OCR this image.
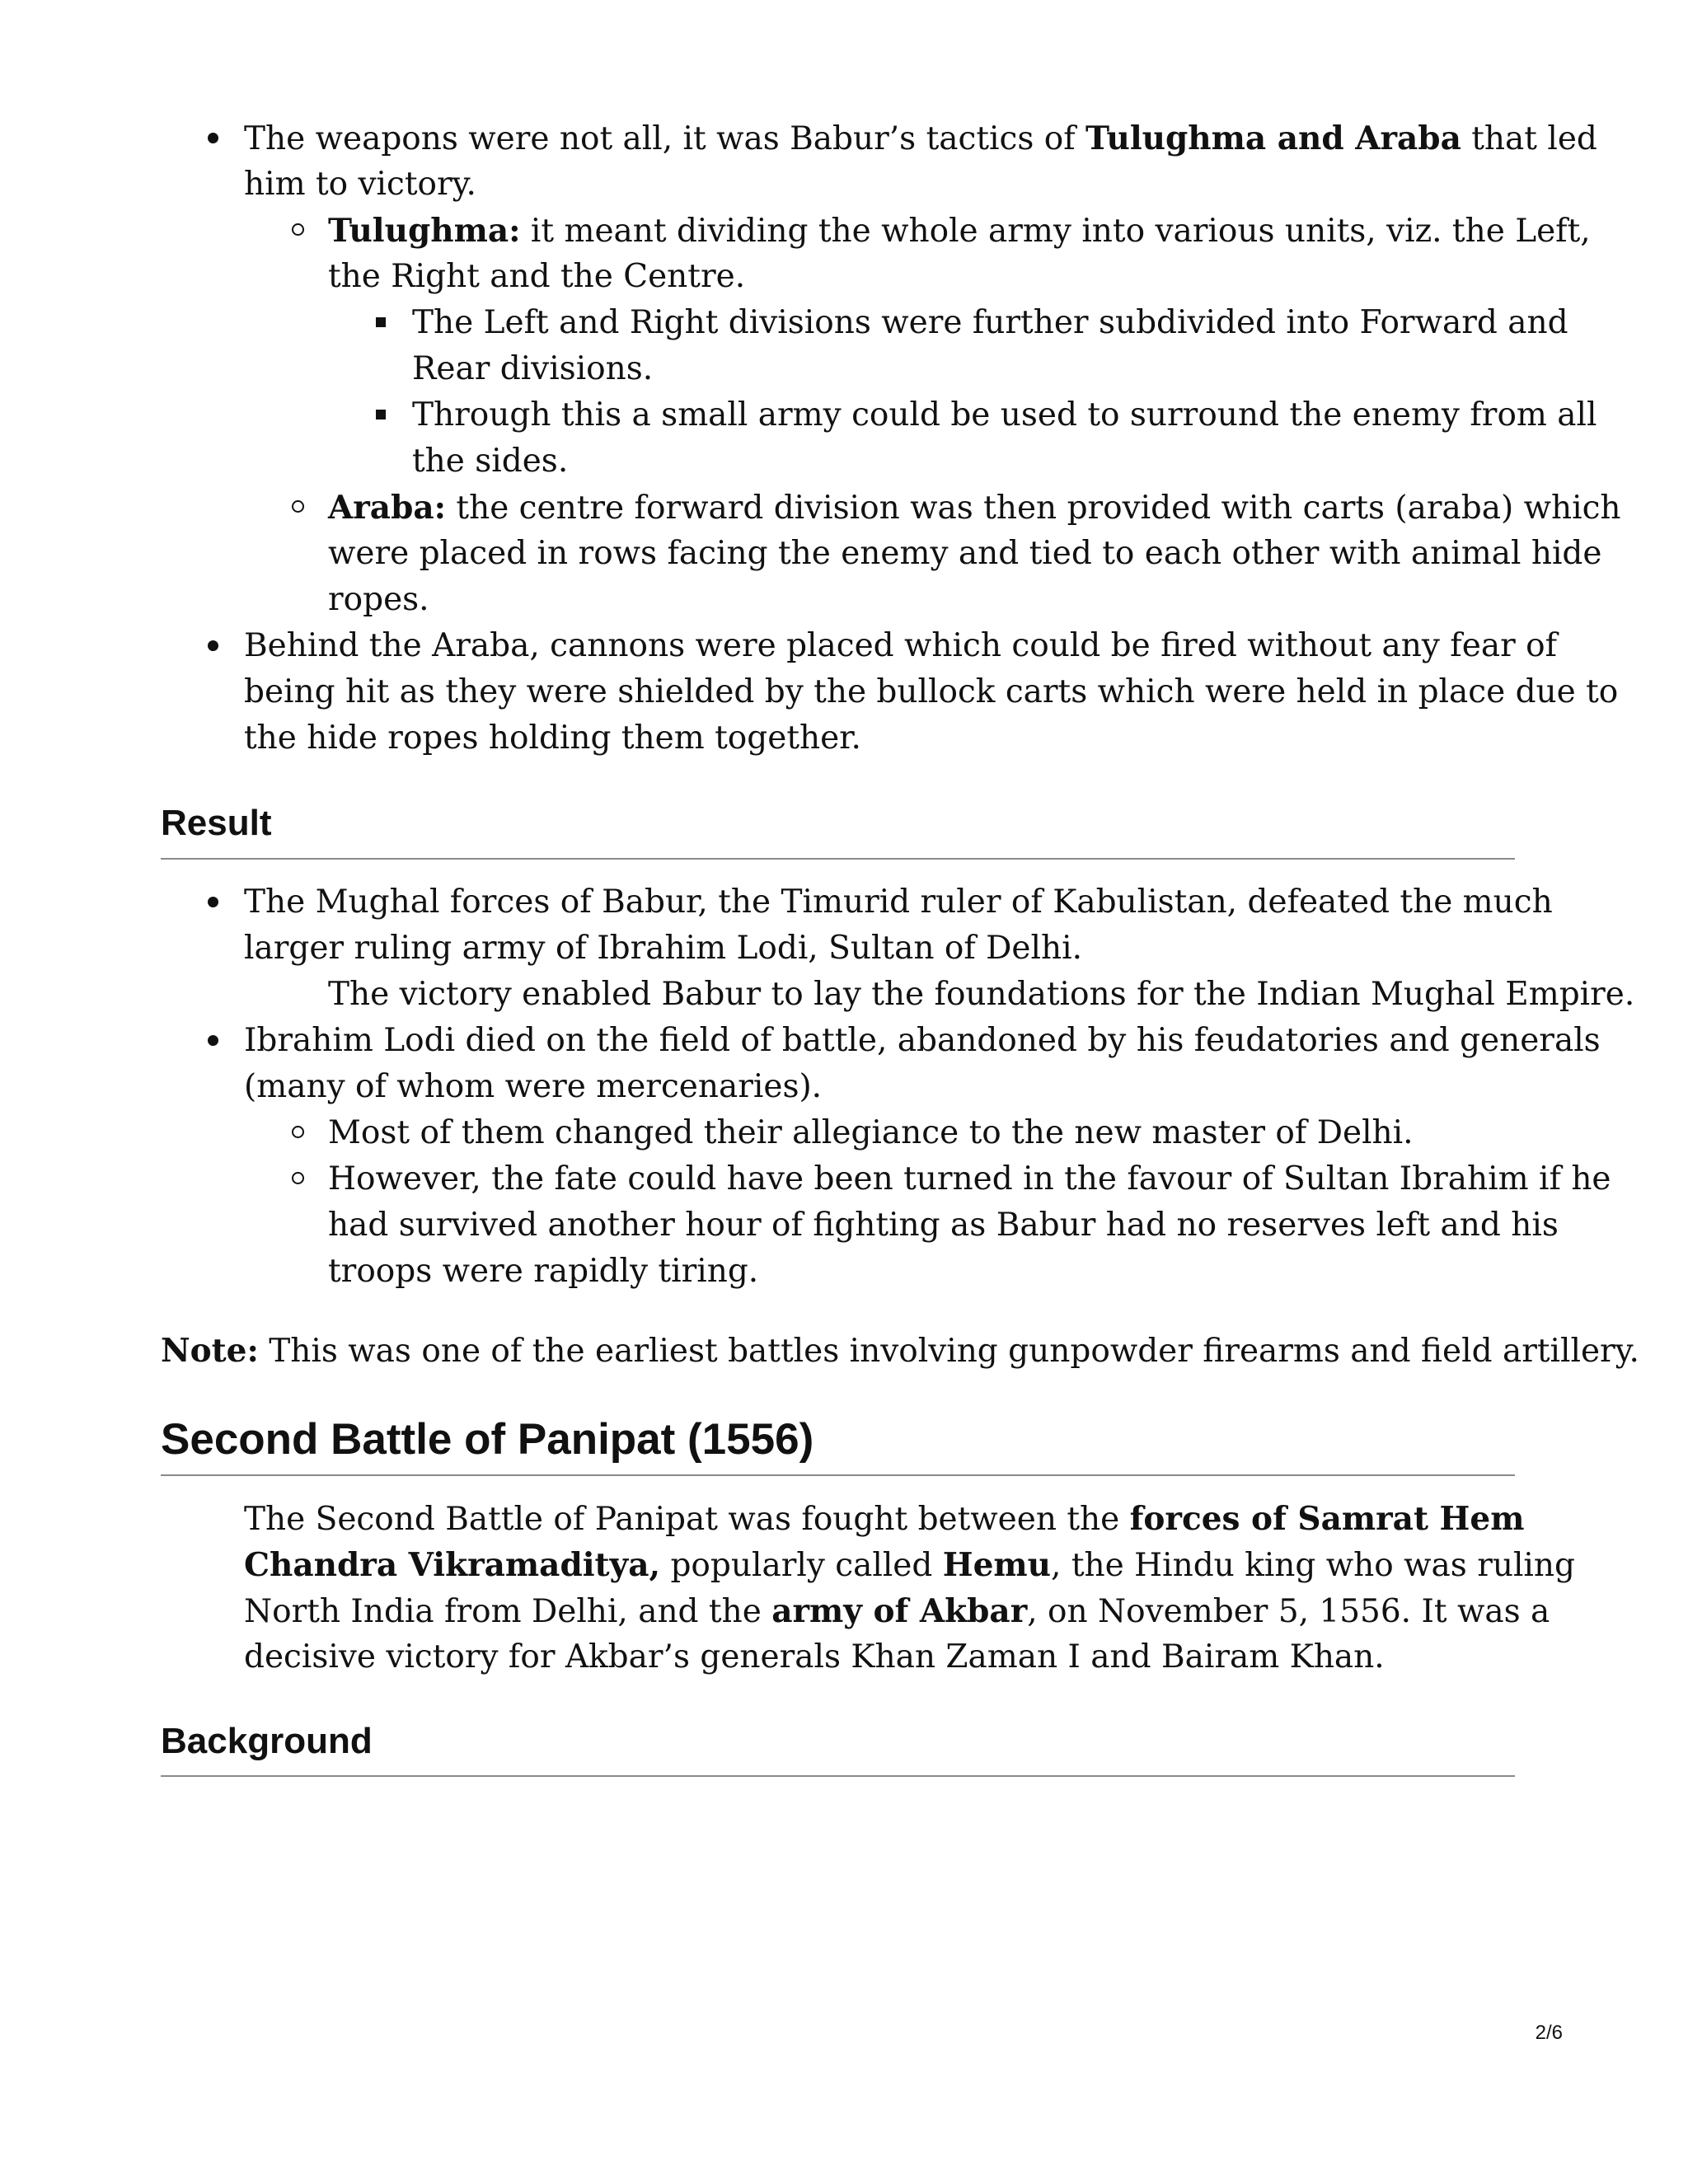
The weapons were not all, it was Babur’s tactics of Tulughma and Araba that led
him to victory.
Tulughma: it meant dividing the whole army into various units, viz. the Left,
the Right and the Centre.
The Left and Right divisions were further subdivided into Forward and
Rear divisions.
Through this a small army could be used to surround the enemy from all
the sides.
Araba: the centre forward division was then provided with carts (araba) which
were placed in rows facing the enemy and tied to each other with animal hide
ropes.
Behind the Araba, cannons were placed which could be fired without any fear of
being hit as they were shielded by the bullock carts which were held in place due to
the hide ropes holding them together.
Result
The Mughal forces of Babur, the Timurid ruler of Kabulistan, defeated the much
larger ruling army of Ibrahim Lodi, Sultan of Delhi.
The victory enabled Babur to lay the foundations for the Indian Mughal Empire.
Ibrahim Lodi died on the field of battle, abandoned by his feudatories and generals
(many of whom were mercenaries).
Most of them changed their allegiance to the new master of Delhi.
However, the fate could have been turned in the favour of Sultan Ibrahim if he
had survived another hour of fighting as Babur had no reserves left and his
troops were rapidly tiring.
Note: This was one of the earliest battles involving gunpowder firearms and field artillery.
Second Battle of Panipat (1556)
The Second Battle of Panipat was fought between the forces of Samrat Hem
Chandra Vikramaditya, popularly called Hemu, the Hindu king who was ruling
North India from Delhi, and the army of Akbar, on November 5, 1556. It was a
decisive victory for Akbar’s generals Khan Zaman I and Bairam Khan.
Background
2/6
